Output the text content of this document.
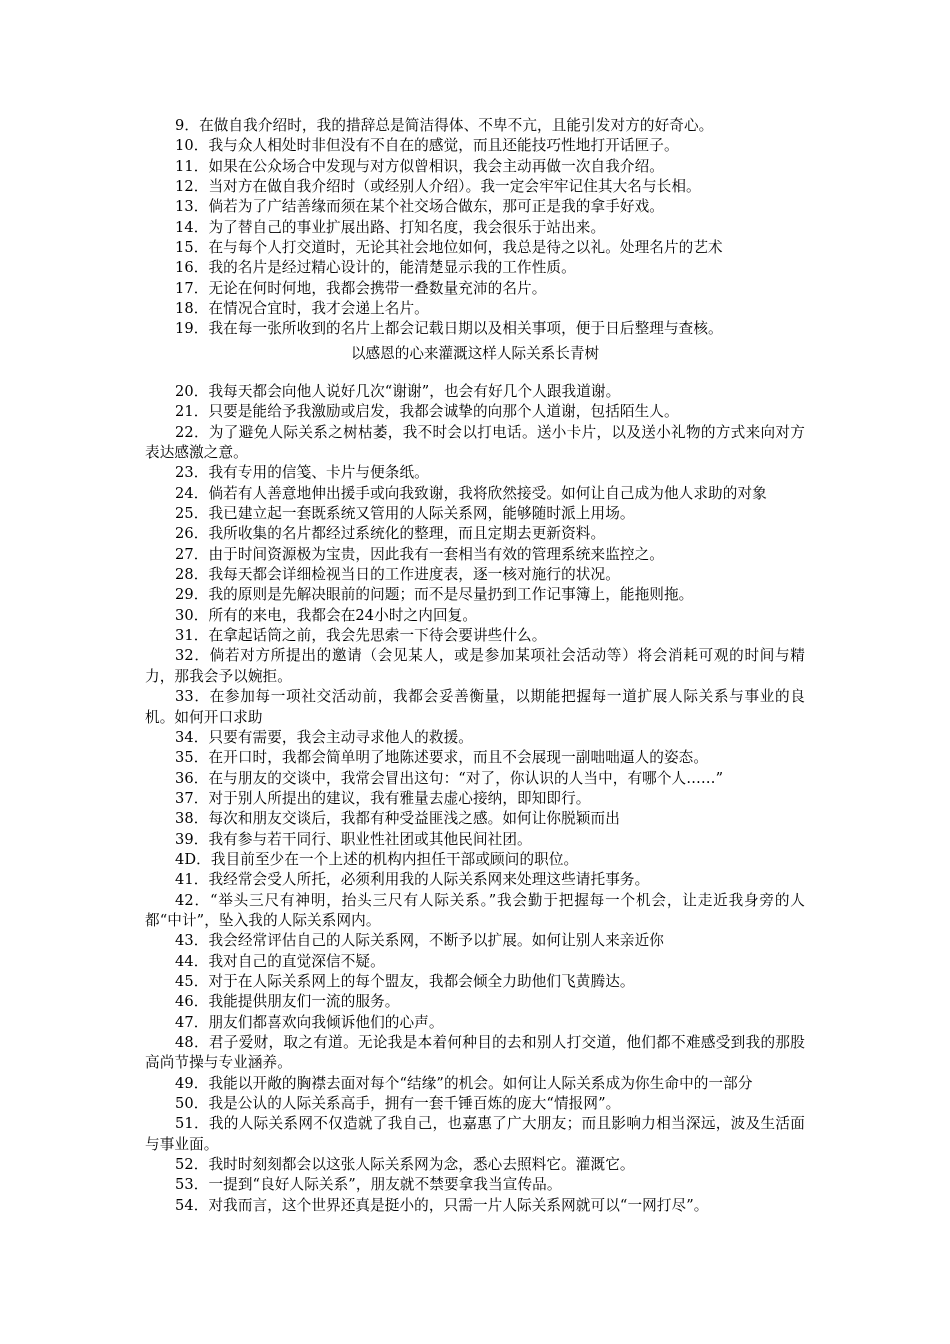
9．在做自我介绍时，我的措辞总是简洁得体、不卑不亢，且能引发对方的好奇心。

10．我与众人相处时非但没有不自在的感觉，而且还能技巧性地打开话匣子。

11．如果在公众场合中发现与对方似曾相识，我会主动再做一次自我介绍。

12．当对方在做自我介绍时（或经别人介绍）。我一定会牢牢记住其大名与长相。

13．倘若为了广结善缘而须在某个社交场合做东，那可正是我的拿手好戏。

14．为了替自己的事业扩展出路、打知名度，我会很乐于站出来。

15．在与每个人打交道时，无论其社会地位如何，我总是待之以礼。处理名片的艺术

16．我的名片是经过精心设计的，能清楚显示我的工作性质。

17．无论在何时何地，我都会携带一叠数量充沛的名片。

18．在情况合宜时，我才会递上名片。

19．我在每一张所收到的名片上都会记载日期以及相关事项，便于日后整理与查核。

以感恩的心来灌溉这样人际关系长青树

20．我每天都会向他人说好几次“谢谢”，也会有好几个人跟我道谢。

21．只要是能给予我激励或启发，我都会诚挚的向那个人道谢，包括陌生人。

22．为了避免人际关系之树枯萎，我不时会以打电话。送小卡片，以及送小礼物的方式来向对方表达感激之意。

23．我有专用的信笺、卡片与便条纸。

24．倘若有人善意地伸出援手或向我致谢，我将欣然接受。如何让自己成为他人求助的对象

25．我已建立起一套既系统又管用的人际关系网，能够随时派上用场。

26．我所收集的名片都经过系统化的整理，而且定期去更新资料。

27．由于时间资源极为宝贵，因此我有一套相当有效的管理系统来监控之。

28．我每天都会详细检视当日的工作进度表，逐一核对施行的状况。

29．我的原则是先解决眼前的问题；而不是尽量扔到工作记事簿上，能拖则拖。

30．所有的来电，我都会在24小时之内回复。

31．在拿起话筒之前，我会先思索一下待会要讲些什么。

32．倘若对方所提出的邀请（会见某人，或是参加某项社会活动等）将会消耗可观的时间与精力，那我会予以婉拒。

33．在参加每一项社交活动前，我都会妥善衡量，以期能把握每一道扩展人际关系与事业的良机。如何开口求助

34．只要有需要，我会主动寻求他人的救援。

35．在开口时，我都会简单明了地陈述要求，而且不会展现一副咄咄逼人的姿态。

36．在与朋友的交谈中，我常会冒出这句：“对了，你认识的人当中，有哪个人……”

37．对于别人所提出的建议，我有雅量去虚心接纳，即知即行。

38．每次和朋友交谈后，我都有种受益匪浅之感。如何让你脱颖而出

39．我有参与若干同行、职业性社团或其他民间社团。

4D．我目前至少在一个上述的机构内担任干部或顾问的职位。

41．我经常会受人所托，必须利用我的人际关系网来处理这些请托事务。

42．“举头三尺有神明，抬头三尺有人际关系。”我会勤于把握每一个机会，让走近我身旁的人都“中计”，坠入我的人际关系网内。

43．我会经常评估自己的人际关系网，不断予以扩展。如何让别人来亲近你

44．我对自己的直觉深信不疑。

45．对于在人际关系网上的每个盟友，我都会倾全力助他们飞黄腾达。

46．我能提供朋友们一流的服务。

47．朋友们都喜欢向我倾诉他们的心声。

48．君子爱财，取之有道。无论我是本着何种目的去和别人打交道，他们都不难感受到我的那股高尚节操与专业涵养。

49．我能以开敞的胸襟去面对每个“结缘”的机会。如何让人际关系成为你生命中的一部分

50．我是公认的人际关系高手，拥有一套千锤百炼的庞大“情报网”。

51．我的人际关系网不仅造就了我自己，也嘉惠了广大朋友；而且影响力相当深远，波及生活面与事业面。

52．我时时刻刻都会以这张人际关系网为念，悉心去照料它。灌溉它。

53．一提到“良好人际关系”，朋友就不禁要拿我当宣传品。

54．对我而言，这个世界还真是挺小的，只需一片人际关系网就可以“一网打尽”。
